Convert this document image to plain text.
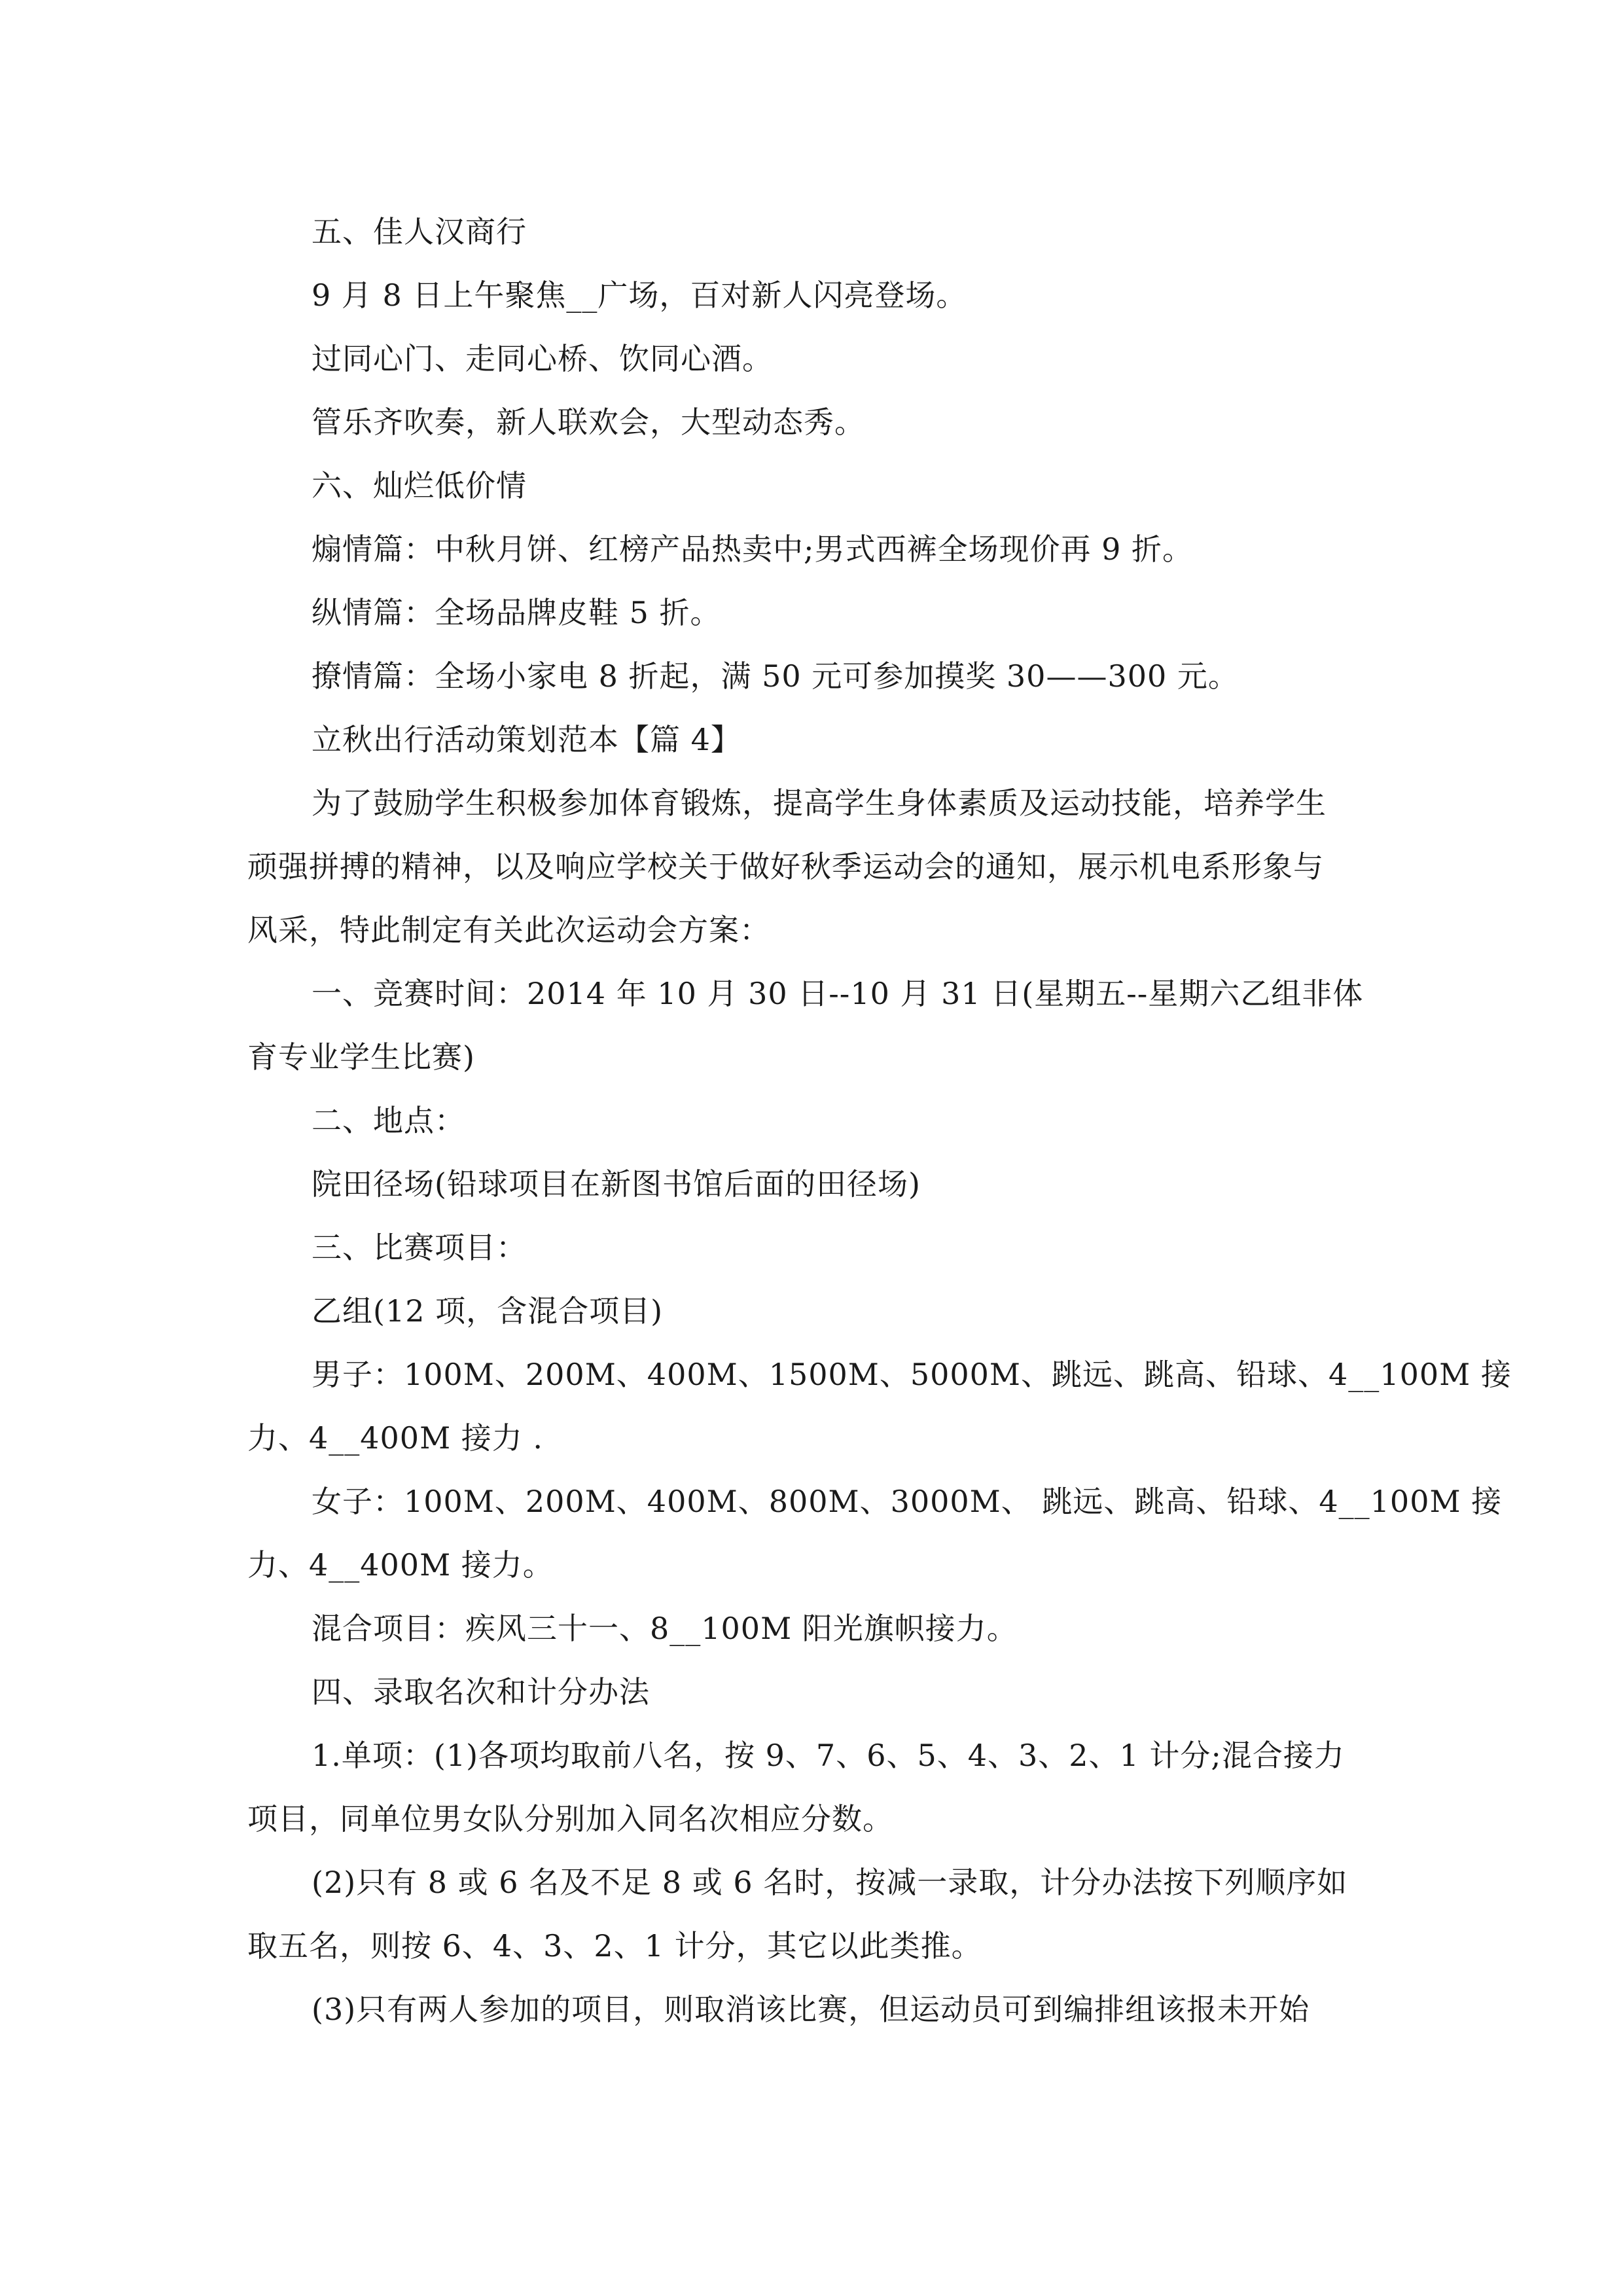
五、佳人汉商行
9 月 8 日上午聚焦__广场，百对新人闪亮登场。
过同心门、走同心桥、饮同心酒。
管乐齐吹奏，新人联欢会，大型动态秀。
六、灿烂低价情
煽情篇：中秋月饼、红榜产品热卖中;男式西裤全场现价再 9 折。
纵情篇：全场品牌皮鞋 5 折。
撩情篇：全场小家电 8 折起，满 50 元可参加摸奖 30——300 元。
立秋出行活动策划范本【篇 4】
为了鼓励学生积极参加体育锻炼，提高学生身体素质及运动技能，培养学生
顽强拼搏的精神，以及响应学校关于做好秋季运动会的通知，展示机电系形象与
风采，特此制定有关此次运动会方案：
一、竞赛时间：2014 年 10 月 30 日--10 月 31 日(星期五--星期六乙组非体
育专业学生比赛)
二、地点：
院田径场(铅球项目在新图书馆后面的田径场)
三、比赛项目：
乙组(12 项，含混合项目)
男子：100M、200M、400M、1500M、5000M、跳远、跳高、铅球、4__100M 接
力、4__400M 接力 .
女子：100M、200M、400M、800M、3000M、 跳远、跳高、铅球、4__100M 接
力、4__400M 接力。
混合项目：疾风三十一、8__100M 阳光旗帜接力。
四、录取名次和计分办法
1.单项：(1)各项均取前八名，按 9、7、6、5、4、3、2、1 计分;混合接力
项目，同单位男女队分别加入同名次相应分数。
(2)只有 8 或 6 名及不足 8 或 6 名时，按减一录取，计分办法按下列顺序如
取五名，则按 6、4、3、2、1 计分，其它以此类推。
(3)只有两人参加的项目，则取消该比赛，但运动员可到编排组该报未开始
